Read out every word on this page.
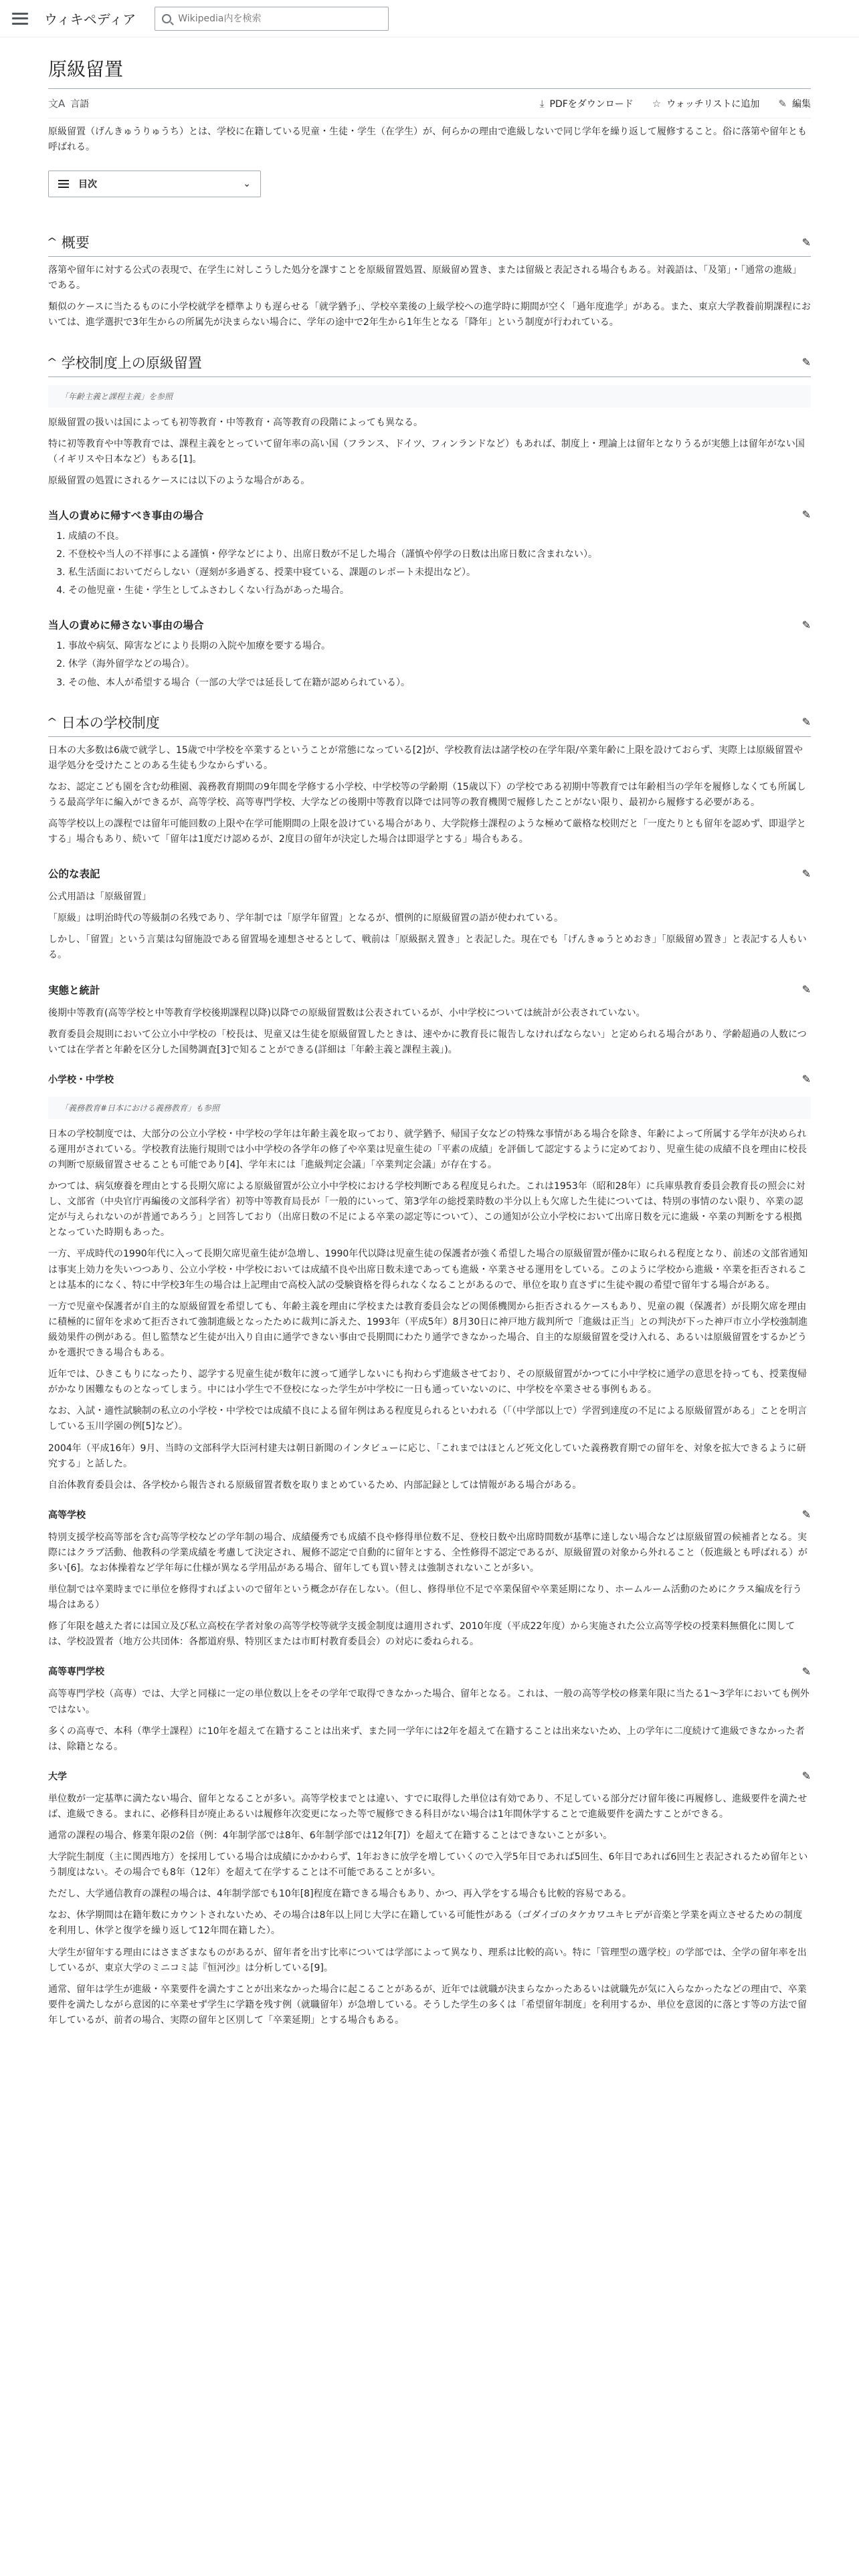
ウィキペディア
Wikipedia内を検索
原級留置
文A 言語	⤓ PDFをダウンロード ☆ ウォッチリストに追加 ✎ 編集

原級留置（げんきゅうりゅうち）とは、学校に在籍している児童・生徒・学生（在学生）が、何らかの理由で進級しないで同じ学年を繰り返して履修すること。俗に落第や留年とも呼ばれる。

目次	⌄
^ 概要	✎

落第や留年に対する公式の表現で、在学生に対しこうした処分を課すことを原級留置処置、原級留め置き、または留級と表記される場合もある。対義語は、「及第」・「通常の進級」である。

類似のケースに当たるものに小学校就学を標準よりも遅らせる「就学猶予」、学校卒業後の上級学校への進学時に期間が空く「過年度進学」がある。また、東京大学教養前期課程においては、進学選択で3年生からの所属先が決まらない場合に、学年の途中で2年生から1年生となる「降年」という制度が行われている。

^ 学校制度上の原級留置	✎
「年齢主義と課程主義」を参照

原級留置の扱いは国によっても初等教育・中等教育・高等教育の段階によっても異なる。

特に初等教育や中等教育では、課程主義をとっていて留年率の高い国（フランス、ドイツ、フィンランドなど）もあれば、制度上・理論上は留年となりうるが実態上は留年がない国（イギリスや日本など）もある[1]。

原級留置の処置にされるケースには以下のような場合がある。

当人の責めに帰すべき事由の場合	✎
1. 成績の不良。
2. 不登校や当人の不祥事による謹慎・停学などにより、出席日数が不足した場合（謹慎や停学の日数は出席日数に含まれない）。
3. 私生活面においてだらしない（遅刻が多過ぎる、授業中寝ている、課題のレポート未提出など）。
4. その他児童・生徒・学生としてふさわしくない行為があった場合。
当人の責めに帰さない事由の場合	✎
1. 事故や病気、障害などにより長期の入院や加療を要する場合。
2. 休学（海外留学などの場合）。
3. その他、本人が希望する場合（一部の大学では延長して在籍が認められている）。
^ 日本の学校制度	✎

日本の大多数は6歳で就学し、15歳で中学校を卒業するということが常態になっている[2]が、学校教育法は諸学校の在学年限/卒業年齢に上限を設けておらず、実際上は原級留置や退学処分を受けたことのある生徒も少なからずいる。

なお、認定こども園を含む幼稚園、義務教育期間の9年間を学修する小学校、中学校等の学齢期（15歳以下）の学校である初期中等教育では年齢相当の学年を履修しなくても所属しうる最高学年に編入ができるが、高等学校、高等専門学校、大学などの後期中等教育以降では同等の教育機関で履修したことがない限り、最初から履修する必要がある。

高等学校以上の課程では留年可能回数の上限や在学可能期間の上限を設けている場合があり、大学院修士課程のような極めて厳格な校則だと「一度たりとも留年を認めず、即退学とする」場合もあり、続いて「留年は1度だけ認めるが、2度目の留年が決定した場合は即退学とする」場合もある。

公的な表記	✎

公式用語は「原級留置」

「原級」は明治時代の等級制の名残であり、学年制では「原学年留置」となるが、慣例的に原級留置の語が使われている。

しかし、「留置」という言葉は勾留施設である留置場を連想させるとして、戦前は「原級据え置き」と表記した。現在でも「げんきゅうとめおき」「原級留め置き」と表記する人もいる。

実態と統計	✎

後期中等教育(高等学校と中等教育学校後期課程以降)以降での原級留置数は公表されているが、小中学校については統計が公表されていない。

教育委員会規則において公立小中学校の「校長は、児童又は生徒を原級留置したときは、速やかに教育長に報告しなければならない」と定められる場合があり、学齢超過の人数については在学者と年齢を区分した国勢調査[3]で知ることができる(詳細は「年齢主義と課程主義」)。

小学校・中学校	✎
「義務教育#日本における義務教育」も参照

日本の学校制度では、大部分の公立小学校・中学校の学年は年齢主義を取っており、就学猶予、帰国子女などの特殊な事情がある場合を除き、年齢によって所属する学年が決められる運用がされている。学校教育法施行規則では小中学校の各学年の修了や卒業は児童生徒の「平素の成績」を評価して認定するように定めており、児童生徒の成績不良を理由に校長の判断で原級留置させることも可能であり[4]、学年末には「進級判定会議」「卒業判定会議」が存在する。

かつては、病気療養を理由とする長期欠席による原級留置が公立小中学校における学校判断である程度見られた。これは1953年（昭和28年）に兵庫県教育委員会教育長の照会に対し、文部省（中央官庁再編後の文部科学省）初等中等教育局長が「一般的にいって、第3学年の総授業時数の半分以上も欠席した生徒については、特別の事情のない限り、卒業の認定が与えられないのが普通であろう」と回答しており（出席日数の不足による卒業の認定等について）、この通知が公立小学校において出席日数を元に進級・卒業の判断をする根拠となっていた時期もあった。

一方、平成時代の1990年代に入って長期欠席児童生徒が急増し、1990年代以降は児童生徒の保護者が強く希望した場合の原級留置が僅かに取られる程度となり、前述の文部省通知は事実上効力を失いつつあり、公立小学校・中学校においては成績不良や出席日数未達であっても進級・卒業させる運用をしている。このように学校から進級・卒業を拒否されることは基本的になく、特に中学校3年生の場合は上記理由で高校入試の受験資格を得られなくなることがあるので、単位を取り直さずに生徒や親の希望で留年する場合がある。

一方で児童や保護者が自主的な原級留置を希望しても、年齢主義を理由に学校または教育委員会などの関係機関から拒否されるケースもあり、児童の親（保護者）が長期欠席を理由に積極的に留年を求めて拒否されて強制進級となったために裁判に訴えた、1993年（平成5年）8月30日に神戸地方裁判所で「進級は正当」との判決が下った神戸市立小学校強制進級効果件の例がある。但し監禁など生徒が出入り自由に通学できない事由で長期間にわたり通学できなかった場合、自主的な原級留置を受け入れる、あるいは原級留置をするかどうかを選択できる場合もある。

近年では、ひきこもりになったり、認学する児童生徒が数年に渡って通学しないにも拘わらず進級させており、その原級留置がかつてに小中学校に通学の意思を持っても、授業復帰がかなり困難なものとなってしまう。中には小学生で不登校になった学生が中学校に一日も通っていないのに、中学校を卒業させる事例もある。

なお、入試・適性試験制の私立の小学校・中学校では成績不良による留年例はある程度見られるといわれる（「（中学部以上で）学習到達度の不足による原級留置がある」ことを明言している玉川学園の例[5]など）。

2004年（平成16年）9月、当時の文部科学大臣河村建夫は朝日新聞のインタビューに応じ、「これまではほとんど死文化していた義務教育期での留年を、対象を拡大できるように研究する」と話した。

自治体教育委員会は、各学校から報告される原級留置者数を取りまとめているため、内部記録としては情報がある場合がある。

高等学校	✎

特別支援学校高等部を含む高等学校などの学年制の場合、成績優秀でも成績不良や修得単位数不足、登校日数や出席時間数が基準に達しない場合などは原級留置の候補者となる。実際にはクラブ活動、他教科の学業成績を考慮して決定され、履修不認定で自動的に留年とする、全性修得不認定であるが、原級留置の対象から外れること（仮進級とも呼ばれる）が多い[6]。なお体操着など学年毎に仕様が異なる学用品がある場合、留年しても買い替えは強制されないことが多い。

単位制では卒業時までに単位を修得すればよいので留年という概念が存在しない。（但し、修得単位不足で卒業保留や卒業延期になり、ホームルーム活動のためにクラス編成を行う場合はある）

修了年限を越えた者には国立及び私立高校在学者対象の高等学校等就学支援金制度は適用されず、2010年度（平成22年度）から実施された公立高等学校の授業料無償化に関しては、学校設置者（地方公共団体：各都道府県、特別区または市町村教育委員会）の対応に委ねられる。

高等専門学校	✎

高等専門学校（高専）では、大学と同様に一定の単位数以上をその学年で取得できなかった場合、留年となる。これは、一般の高等学校の修業年限に当たる1～3学年においても例外ではない。

多くの高専で、本科（準学士課程）に10年を超えて在籍することは出来ず、また同一学年には2年を超えて在籍することは出来ないため、上の学年に二度続けて進級できなかった者は、除籍となる。

大学	✎

単位数が一定基準に満たない場合、留年となることが多い。高等学校までとは違い、すでに取得した単位は有効であり、不足している部分だけ留年後に再履修し、進級要件を満たせば、進級できる。まれに、必修科目が廃止あるいは履修年次変更になった等で履修できる科目がない場合は1年間休学することで進級要件を満たすことができる。

通常の課程の場合、修業年限の2倍（例：4年制学部では8年、6年制学部では12年[7]）を超えて在籍することはできないことが多い。

大学院生制度（主に関西地方）を採用している場合は成績にかかわらず、1年おきに放学を増していくので入学5年目であれば5回生、6年目であれば6回生と表記されるため留年という制度はない。その場合でも8年（12年）を超えて在学することは不可能であることが多い。

ただし、大学通信教育の課程の場合は、4年制学部でも10年[8]程度在籍できる場合もあり、かつ、再入学をする場合も比較的容易である。

なお、休学期間は在籍年数にカウントされないため、その場合は8年以上同じ大学に在籍している可能性がある（ゴダイゴのタケカワユキヒデが音楽と学業を両立させるための制度を利用し、休学と復学を繰り返して12年間在籍した）。

大学生が留年する理由にはさまざまなものがあるが、留年者を出す比率については学部によって異なり、理系は比較的高い。特に「管理型の選学校」の学部では、全学の留年率を出しているが、東京大学のミニコミ誌『恒河沙』は分析している[9]。

通常、留年は学生が進級・卒業要件を満たすことが出来なかった場合に起こることがあるが、近年では就職が決まらなかったあるいは就職先が気に入らなかったなどの理由で、卒業要件を満たしながら意図的に卒業せず学生に学籍を残す例（就職留年）が急増している。そうした学生の多くは「希望留年制度」を利用するか、単位を意図的に落とす等の方法で留年しているが、前者の場合、実際の留年と区別して「卒業延期」とする場合もある。
